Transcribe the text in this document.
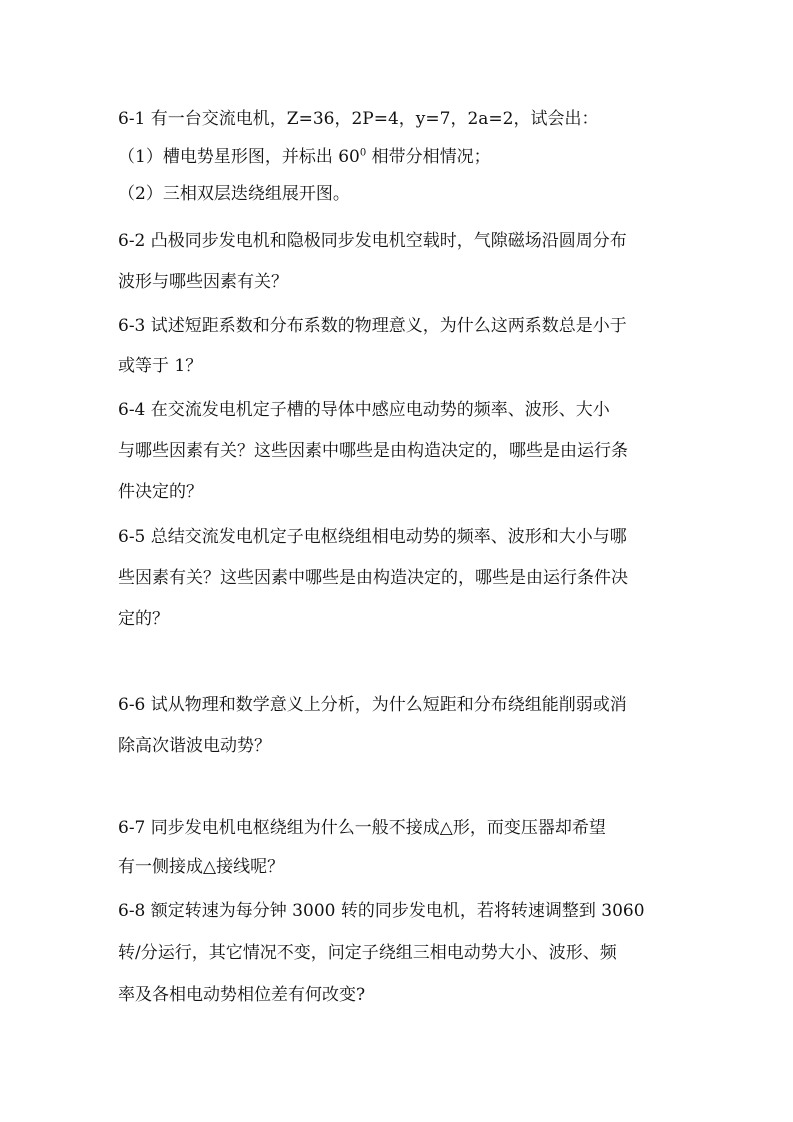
6-1 有一台交流电机，Z=36，2P=4，y=7，2a=2，试会出：
（1）槽电势星形图，并标出 $60^0$ 相带分相情况；
（2）三相双层迭绕组展开图。
6-2 凸极同步发电机和隐极同步发电机空载时，气隙磁场沿圆周分布
波形与哪些因素有关？
6-3 试述短距系数和分布系数的物理意义，为什么这两系数总是小于
或等于 1？
6-4 在交流发电机定子槽的导体中感应电动势的频率、波形、大小
与哪些因素有关？这些因素中哪些是由构造决定的，哪些是由运行条
件决定的？
6-5 总结交流发电机定子电枢绕组相电动势的频率、波形和大小与哪
些因素有关？这些因素中哪些是由构造决定的，哪些是由运行条件决
定的？
6-6 试从物理和数学意义上分析，为什么短距和分布绕组能削弱或消
除高次谐波电动势？
6-7 同步发电机电枢绕组为什么一般不接成△形，而变压器却希望
有一侧接成△接线呢？
6-8 额定转速为每分钟 3000 转的同步发电机，若将转速调整到 3060
转/分运行，其它情况不变，问定子绕组三相电动势大小、波形、频
率及各相电动势相位差有何改变?
